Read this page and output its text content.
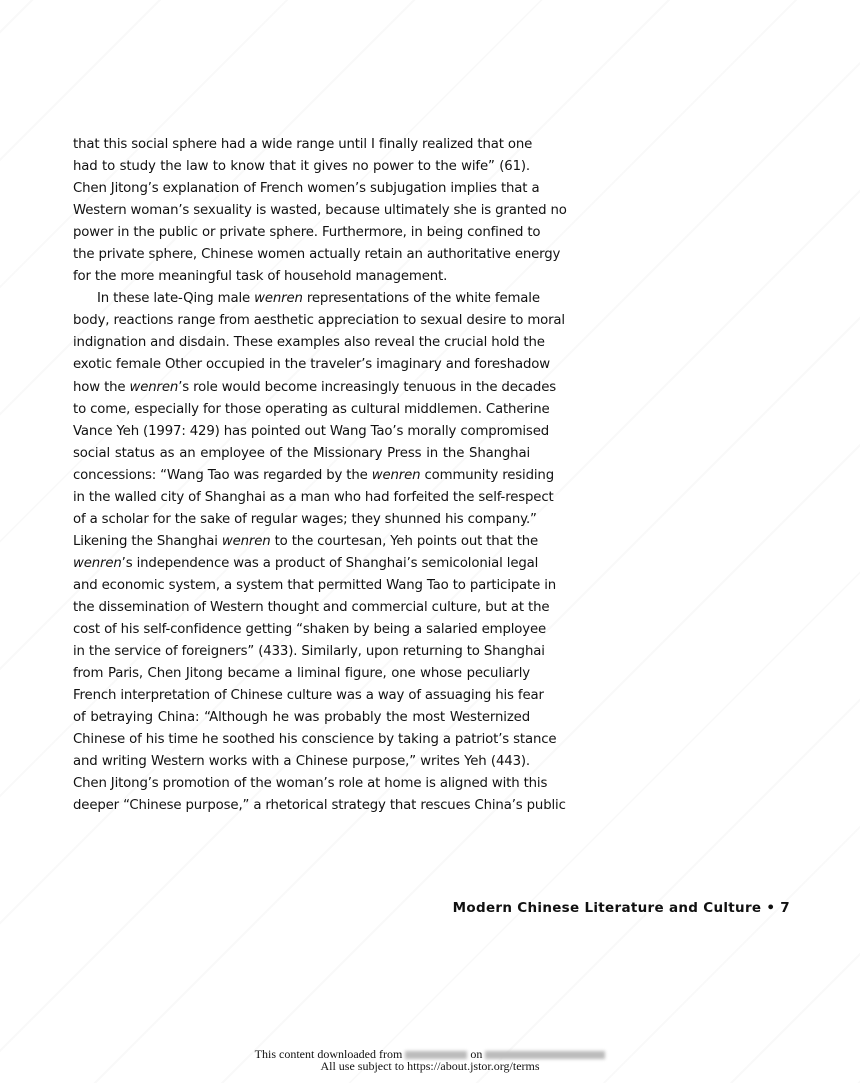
that this social sphere had a wide range until I finally realized that one
had to study the law to know that it gives no power to the wife” (61).
Chen Jitong’s explanation of French women’s subjugation implies that a
Western woman’s sexuality is wasted, because ultimately she is granted no
power in the public or private sphere. Furthermore, in being confined to
the private sphere, Chinese women actually retain an authoritative energy
for the more meaningful task of household management.
In these late-Qing male wenren representations of the white female
body, reactions range from aesthetic appreciation to sexual desire to moral
indignation and disdain. These examples also reveal the crucial hold the
exotic female Other occupied in the traveler’s imaginary and foreshadow
how the wenren’s role would become increasingly tenuous in the decades
to come, especially for those operating as cultural middlemen. Catherine
Vance Yeh (1997: 429) has pointed out Wang Tao’s morally compromised
social status as an employee of the Missionary Press in the Shanghai
concessions: “Wang Tao was regarded by the wenren community residing
in the walled city of Shanghai as a man who had forfeited the self-respect
of a scholar for the sake of regular wages; they shunned his company.”
Likening the Shanghai wenren to the courtesan, Yeh points out that the
wenren’s independence was a product of Shanghai’s semicolonial legal
and economic system, a system that permitted Wang Tao to participate in
the dissemination of Western thought and commercial culture, but at the
cost of his self-confidence getting “shaken by being a salaried employee
in the service of foreigners” (433). Similarly, upon returning to Shanghai
from Paris, Chen Jitong became a liminal figure, one whose peculiarly
French interpretation of Chinese culture was a way of assuaging his fear
of betraying China: “Although he was probably the most Westernized
Chinese of his time he soothed his conscience by taking a patriot’s stance
and writing Western works with a Chinese purpose,” writes Yeh (443).
Chen Jitong’s promotion of the woman’s role at home is aligned with this
deeper “Chinese purpose,” a rhetorical strategy that rescues China’s public
Modern Chinese Literature and Culture • 7
This content downloaded from	on
All use subject to https://about.jstor.org/terms
